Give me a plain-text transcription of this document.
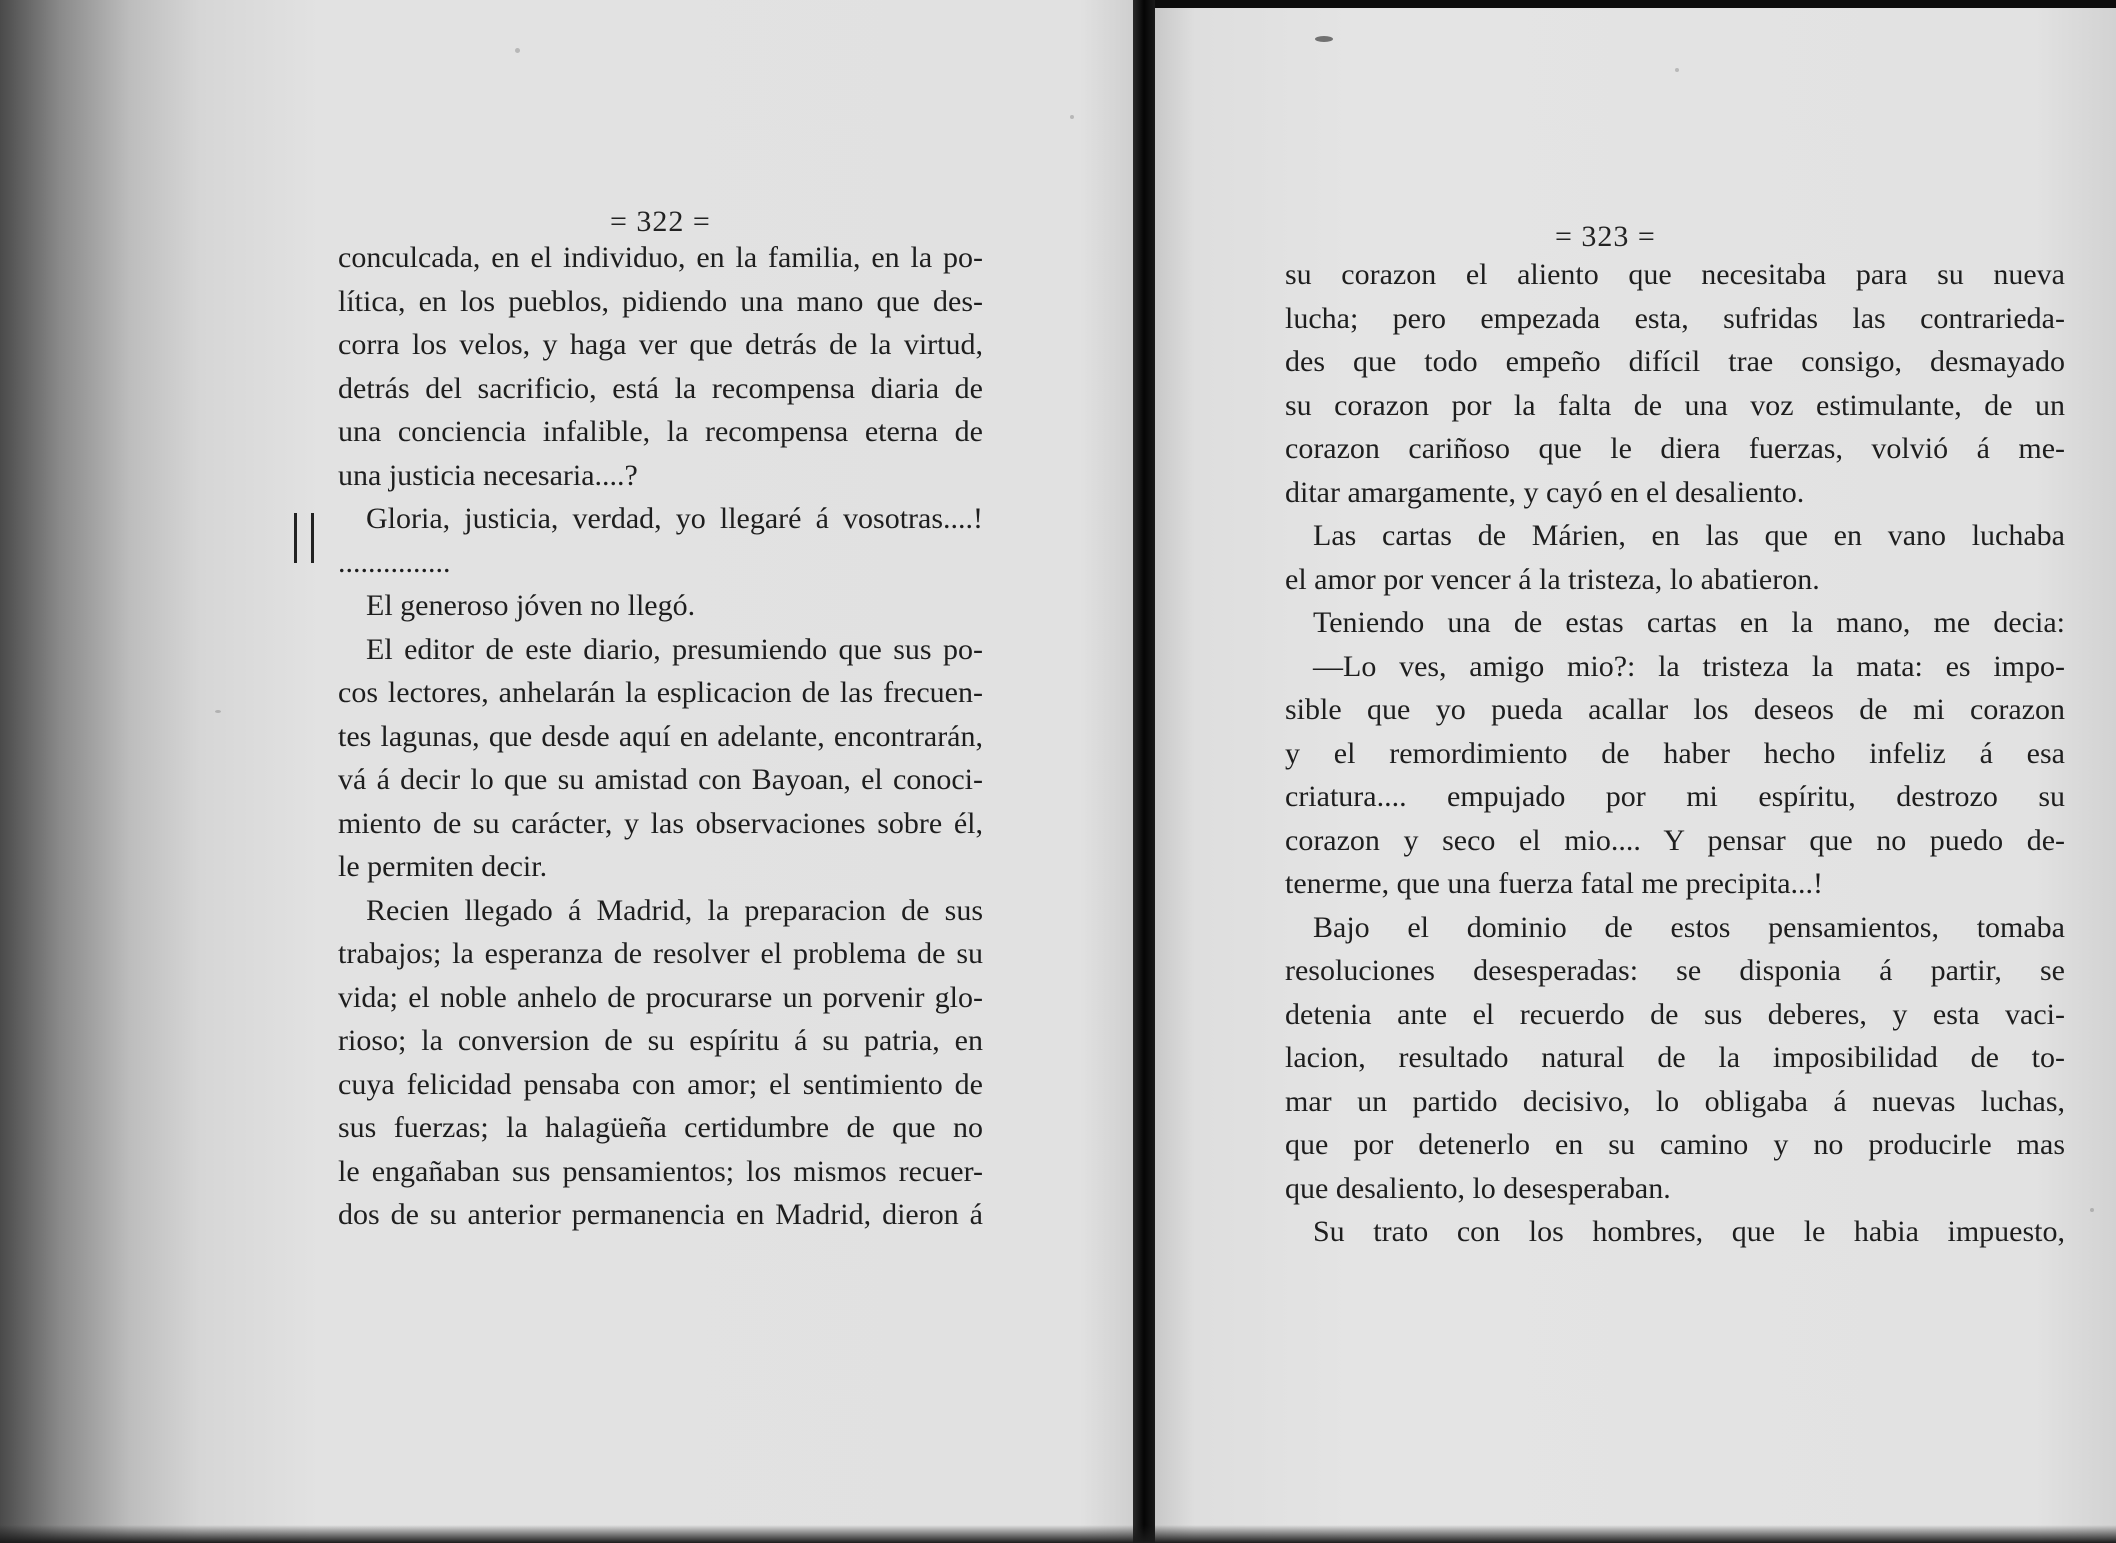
= 322 =
conculcada, en el individuo, en la familia, en la po-
lítica, en los pueblos, pidiendo una mano que des-
corra los velos, y haga ver que detrás de la virtud,
detrás del sacrificio, está la recompensa diaria de
una conciencia infalible, la recompensa eterna de
una justicia necesaria....?
Gloria, justicia, verdad, yo llegaré á vosotras....!
...............
El generoso jóven no llegó.
El editor de este diario, presumiendo que sus po-
cos lectores, anhelarán la esplicacion de las frecuen-
tes lagunas, que desde aquí en adelante, encontrarán,
vá á decir lo que su amistad con Bayoan, el conoci-
miento de su carácter, y las observaciones sobre él,
le permiten decir.
Recien llegado á Madrid, la preparacion de sus
trabajos; la esperanza de resolver el problema de su
vida; el noble anhelo de procurarse un porvenir glo-
rioso; la conversion de su espíritu á su patria, en
cuya felicidad pensaba con amor; el sentimiento de
sus fuerzas; la halagüeña certidumbre de que no
le engañaban sus pensamientos; los mismos recuer-
dos de su anterior permanencia en Madrid, dieron á
= 323 =
su corazon el aliento que necesitaba para su nueva
lucha; pero empezada esta, sufridas las contrarieda-
des que todo empeño difícil trae consigo, desmayado
su corazon por la falta de una voz estimulante, de un
corazon cariñoso que le diera fuerzas, volvió á me-
ditar amargamente, y cayó en el desaliento.
Las cartas de Márien, en las que en vano luchaba
el amor por vencer á la tristeza, lo abatieron.
Teniendo una de estas cartas en la mano, me decia:
—Lo ves, amigo mio?: la tristeza la mata: es impo-
sible que yo pueda acallar los deseos de mi corazon
y el remordimiento de haber hecho infeliz á esa
criatura.... empujado por mi espíritu, destrozo su
corazon y seco el mio.... Y pensar que no puedo de-
tenerme, que una fuerza fatal me precipita...!
Bajo el dominio de estos pensamientos, tomaba
resoluciones desesperadas: se disponia á partir, se
detenia ante el recuerdo de sus deberes, y esta vaci-
lacion, resultado natural de la imposibilidad de to-
mar un partido decisivo, lo obligaba á nuevas luchas,
que por detenerlo en su camino y no producirle mas
que desaliento, lo desesperaban.
Su trato con los hombres, que le habia impuesto,
